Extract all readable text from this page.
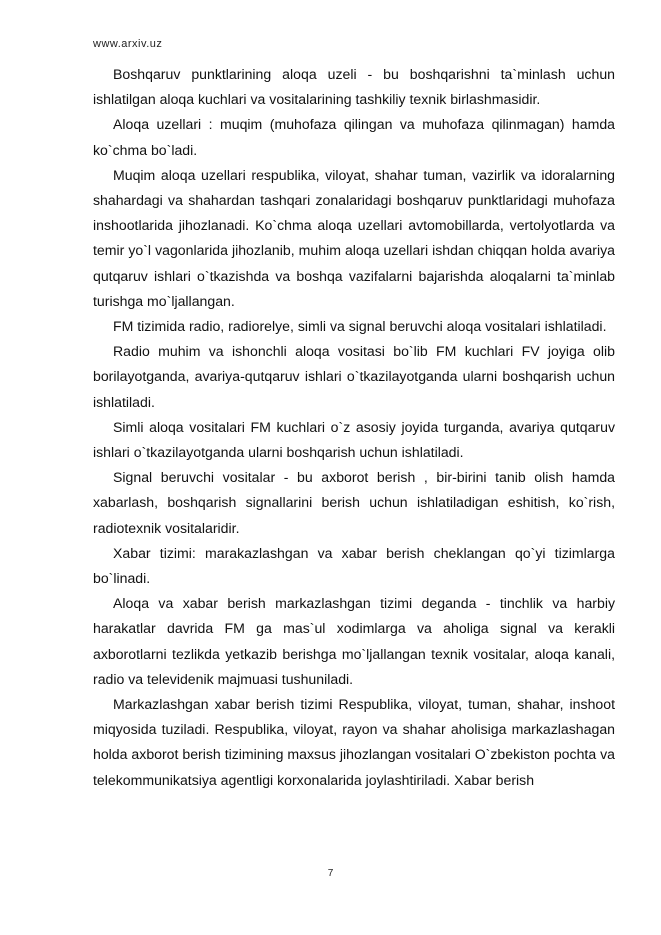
www.arxiv.uz

Boshqaruv punktlarining aloqa uzeli - bu boshqarishni ta`minlash uchun ishlatilgan aloqa kuchlari va vositalarining tashkiliy texnik birlashmasidir.

Aloqa uzellari : muqim (muhofaza qilingan va muhofaza qilinmagan) hamda ko`chma bo`ladi.

Muqim aloqa uzellari respublika, viloyat, shahar tuman, vazirlik va idoralarning shahardagi va shahardan tashqari zonalaridagi boshqaruv punktlaridagi muhofaza inshootlarida jihozlanadi. Ko`chma aloqa uzellari avtomobillarda, vertolyotlarda va temir yo`l vagonlarida jihozlanib, muhim aloqa uzellari ishdan chiqqan holda avariya qutqaruv ishlari o`tkazishda va boshqa vazifalarni bajarishda aloqalarni ta`minlab turishga mo`ljallangan.

FM tizimida radio, radiorelye, simli va signal beruvchi aloqa vositalari ishlatiladi.

Radio muhim va ishonchli aloqa vositasi bo`lib FM kuchlari FV joyiga olib borilayotganda, avariya-qutqaruv ishlari o`tkazilayotganda ularni boshqarish uchun ishlatiladi.

Simli aloqa vositalari FM kuchlari o`z asosiy joyida turganda, avariya qutqaruv ishlari o`tkazilayotganda ularni boshqarish uchun ishlatiladi.

Signal beruvchi vositalar - bu axborot berish , bir-birini tanib olish hamda xabarlash, boshqarish signallarini berish uchun ishlatiladigan eshitish, ko`rish, radiotexnik vositalaridir.

Xabar tizimi: marakazlashgan va xabar berish cheklangan qo`yi tizimlarga bo`linadi.

Aloqa va xabar berish markazlashgan tizimi deganda - tinchlik va harbiy harakatlar davrida FM ga mas`ul xodimlarga va aholiga signal va kerakli axborotlarni tezlikda yetkazib berishga mo`ljallangan texnik vositalar, aloqa kanali, radio va televidenik majmuasi tushuniladi.

Markazlashgan xabar berish tizimi Respublika, viloyat, tuman, shahar, inshoot miqyosida tuziladi. Respublika, viloyat, rayon va shahar aholisiga markazlashagan holda axborot berish tizimining maxsus jihozlangan vositalari O`zbekiston pochta va telekommunikatsiya agentligi korxonalarida joylashtiriladi. Xabar berish

7
